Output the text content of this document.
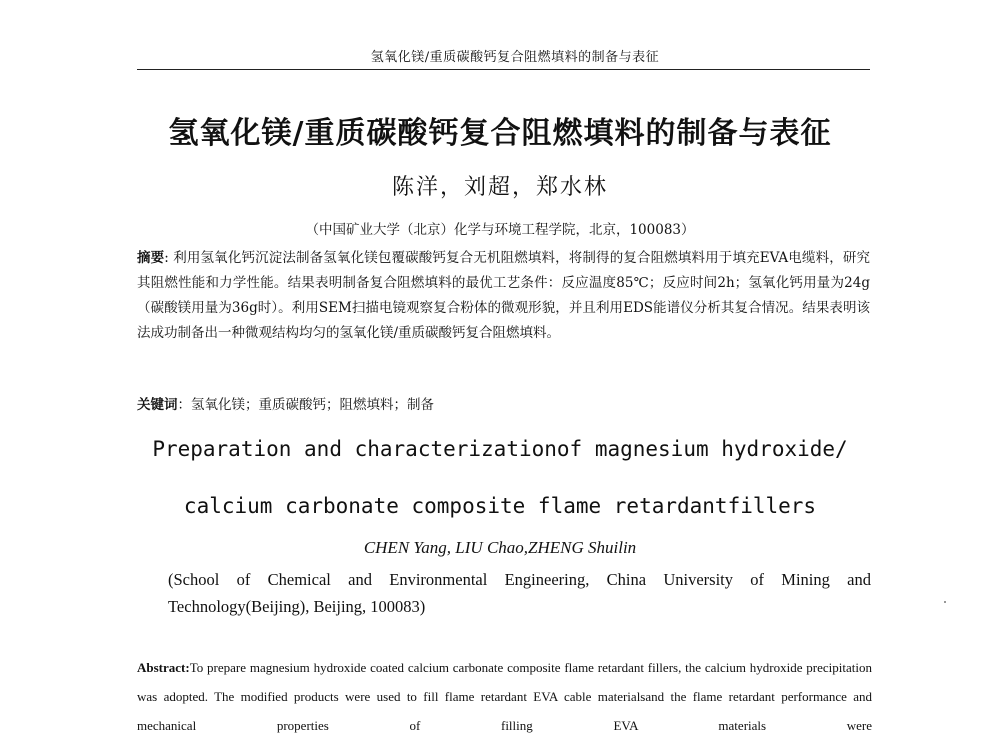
氢氧化镁/重质碳酸钙复合阻燃填料的制备与表征
氢氧化镁/重质碳酸钙复合阻燃填料的制备与表征
陈洋，刘超，郑水林
（中国矿业大学（北京）化学与环境工程学院，北京，100083）
摘要: 利用氢氧化钙沉淀法制备氢氧化镁包覆碳酸钙复合无机阻燃填料，将制得的复合阻燃填料用于填充EVA电缆料，研究其阻燃性能和力学性能。结果表明制备复合阻燃填料的最优工艺条件：反应温度85℃；反应时间2h；氢氧化钙用量为24g（碳酸镁用量为36g时）。利用SEM扫描电镜观察复合粉体的微观形貌，并且利用EDS能谱仪分析其复合情况。结果表明该法成功制备出一种微观结构均匀的氢氧化镁/重质碳酸钙复合阻燃填料。
关键词：氢氧化镁；重质碳酸钙；阻燃填料；制备
Preparation and characterizationof magnesium hydroxide/
calcium carbonate composite flame retardantfillers
CHEN Yang, LIU Chao,ZHENG Shuilin
(School of Chemical and Environmental Engineering, China University of Mining and Technology(Beijing), Beijing, 100083)
Abstract:To prepare magnesium hydroxide coated calcium carbonate composite flame retardant fillers, the calcium hydroxide precipitation was adopted. The modified products were used to fill flame retardant EVA cable materialsand the flame retardant performance and mechanical properties of filling EVA materials were
